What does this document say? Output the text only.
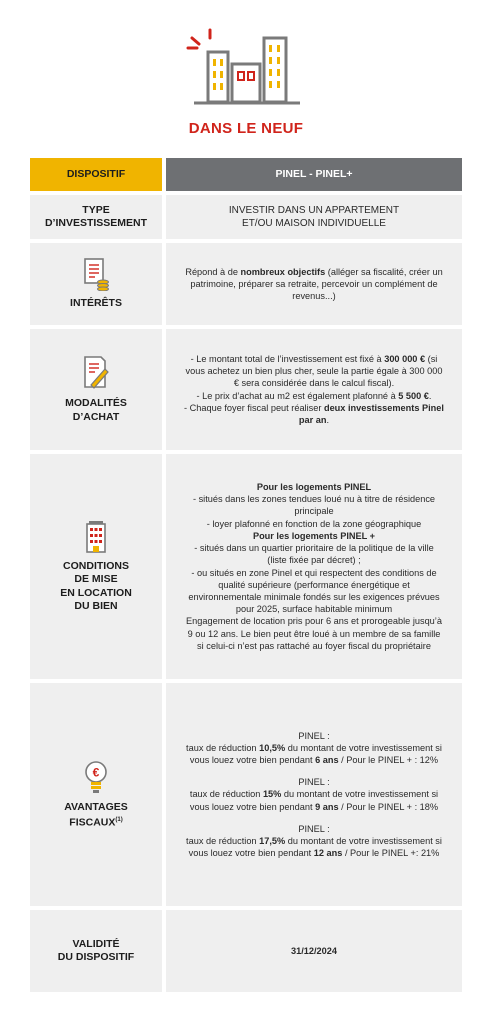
DANS LE NEUF
DISPOSITIF	PINEL - PINEL+
TYPE
D’INVESTISSEMENT
INVESTIR DANS UN APPARTEMENT
ET/OU MAISON INDIVIDUELLE
INTÉRÊTS

Répond à de nombreux objectifs (alléger sa fiscalité, créer un patrimoine, préparer sa retraite, percevoir un complément de revenus...)

MODALITÉS
D’ACHAT

- Le montant total de l’investissement est fixé à 300 000 € (si vous achetez un bien plus cher, seule la partie égale à 300 000 € sera considérée dans le calcul fiscal).

- Le prix d’achat au m2 est également plafonné à 5 500 €.

- Chaque foyer fiscal peut réaliser deux investissements Pinel par an.

CONDITIONS
DE MISE
EN LOCATION
DU BIEN
Pour les logements PINEL

- situés dans les zones tendues loué nu à titre de résidence principale

- loyer plafonné en fonction de la zone géographique

Pour les logements PINEL +

- situés dans un quartier prioritaire de la politique de la ville (liste fixée par décret) ;

- ou situés en zone Pinel et qui respectent des conditions de qualité supérieure (performance énergétique et environnementale minimale fondés sur les exigences prévues pour 2025, surface habitable minimum

Engagement de location pris pour 6 ans et prorogeable jusqu’à 9 ou 12 ans. Le bien peut être loué à un membre de sa famille si celui-ci n’est pas rattaché au foyer fiscal du propriétaire

€
AVANTAGES
FISCAUX$^{(1)}$

PINEL :

taux de réduction 10,5% du montant de votre investissement si vous louez votre bien pendant 6 ans / Pour le PINEL + : 12%

PINEL :

taux de réduction 15% du montant de votre investissement si vous louez votre bien pendant 9 ans / Pour le PINEL + : 18%

PINEL :

taux de réduction 17,5% du montant de votre investissement si vous louez votre bien pendant 12 ans / Pour le PINEL +: 21%

VALIDITÉ
DU DISPOSITIF
31/12/2024
